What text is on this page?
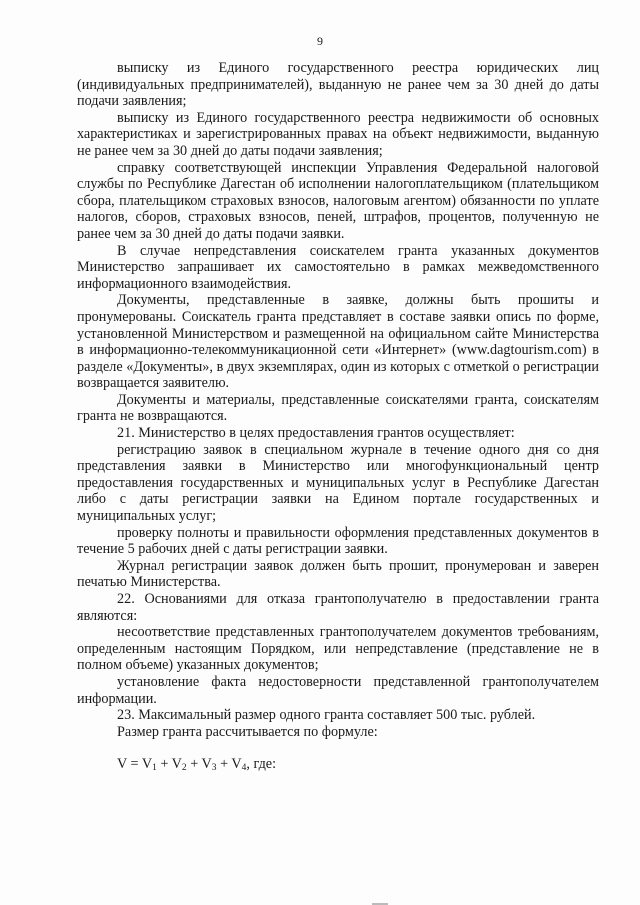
9

выписку из Единого государственного реестра юридических лиц (индивидуальных предпринимателей), выданную не ранее чем за 30 дней до даты подачи заявления;

выписку из Единого государственного реестра недвижимости об основных характеристиках и зарегистрированных правах на объект недвижимости, выданную не ранее чем за 30 дней до даты подачи заявления;

справку соответствующей инспекции Управления Федеральной налоговой службы по Республике Дагестан об исполнении налогоплательщиком (плательщиком сбора, плательщиком страховых взносов, налоговым агентом) обязанности по уплате налогов, сборов, страховых взносов, пеней, штрафов, процентов, полученную не ранее чем за 30 дней до даты подачи заявки.

В случае непредставления соискателем гранта указанных документов Министерство запрашивает их самостоятельно в рамках межведомственного информационного взаимодействия.

Документы, представленные в заявке, должны быть прошиты и пронумерованы. Соискатель гранта представляет в составе заявки опись по форме, установленной Министерством и размещенной на официальном сайте Министерства в информационно-телекоммуникационной сети «Интернет» (www.dagtourism.com) в разделе «Документы», в двух экземплярах, один из которых с отметкой о регистрации возвращается заявителю.

Документы и материалы, представленные соискателями гранта, соискателям гранта не возвращаются.

21. Министерство в целях предоставления грантов осуществляет:

регистрацию заявок в специальном журнале в течение одного дня со дня представления заявки в Министерство или многофункциональный центр предоставления государственных и муниципальных услуг в Республике Дагестан либо с даты регистрации заявки на Едином портале государственных и муниципальных услуг;

проверку полноты и правильности оформления представленных документов в течение 5 рабочих дней с даты регистрации заявки.

Журнал регистрации заявок должен быть прошит, пронумерован и заверен печатью Министерства.

22. Основаниями для отказа грантополучателю в предоставлении гранта являются:

несоответствие представленных грантополучателем документов требованиям, определенным настоящим Порядком, или непредставление (представление не в полном объеме) указанных документов;

установление факта недостоверности представленной грантополучателем информации.

23. Максимальный размер одного гранта составляет 500 тыс. рублей.

Размер гранта рассчитывается по формуле:

$V = V_1 + V_2 + V_3 + V_4$, где:
